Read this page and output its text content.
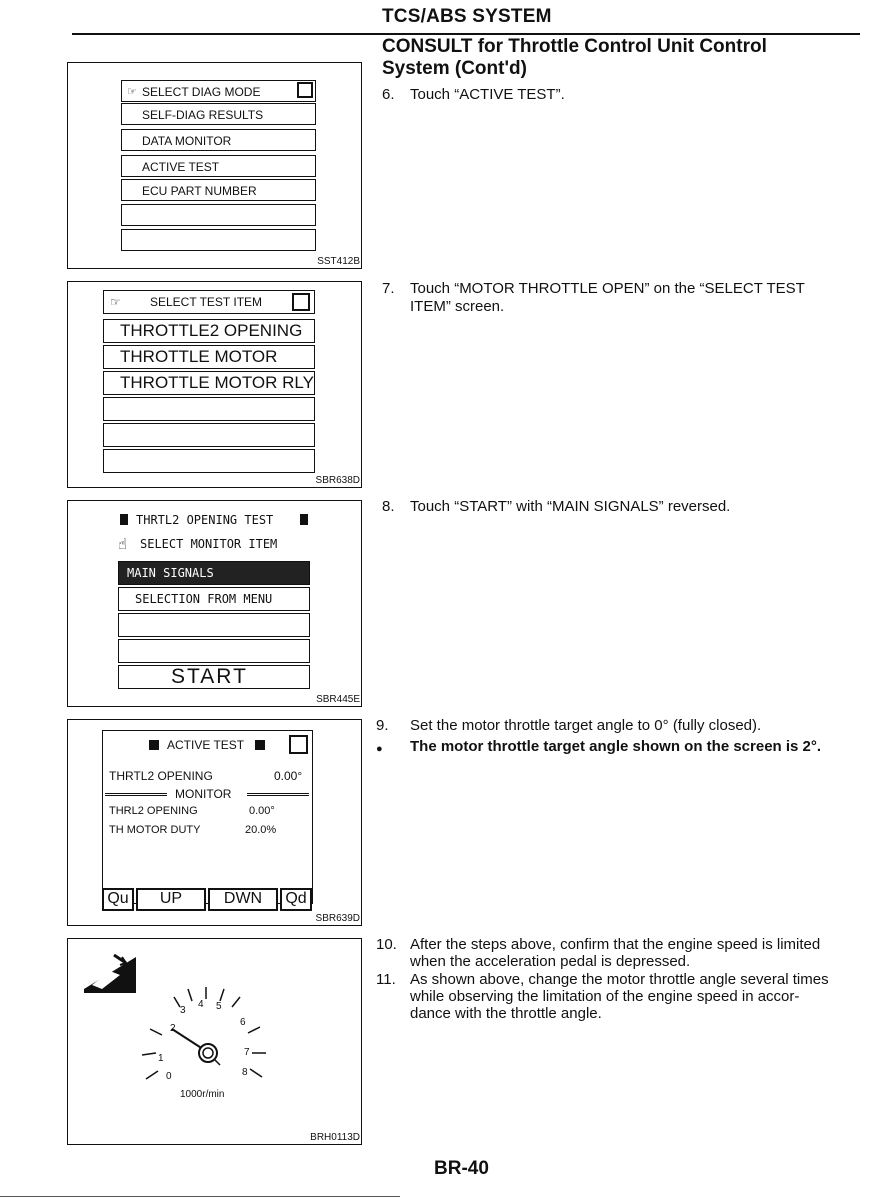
TCS/ABS SYSTEM
CONSULT for Throttle Control Unit Control
System (Cont'd)
6. Touch “ACTIVE TEST”.
7. Touch “MOTOR THROTTLE OPEN” on the “SELECT TEST
ITEM” screen.
8. Touch “START” with “MAIN SIGNALS” reversed.
9. Set the motor throttle target angle to 0° (fully closed).
● The motor throttle target angle shown on the screen is 2°.
10. After the steps above, confirm that the engine speed is limited
when the acceleration pedal is depressed.
11. As shown above, change the motor throttle angle several times
while observing the limitation of the engine speed in accor-
dance with the throttle angle.
☞ SELECT DIAG MODE
SELF-DIAG RESULTS
DATA MONITOR
ACTIVE TEST
ECU PART NUMBER
SST412B
☞ SELECT TEST ITEM
THROTTLE2 OPENING
THROTTLE MOTOR
THROTTLE MOTOR RLY
SBR638D
THRTL2 OPENING TEST
☝ SELECT MONITOR ITEM
MAIN SIGNALS
SELECTION FROM MENU
START
SBR445E
ACTIVE TEST
THRTL2 OPENING	0.00°
MONITOR
THRL2 OPENING	0.00°
TH MOTOR DUTY	20.0%
Qu	UP	DWN	Qd
SBR639D
0
1
2
3
4 5
6
7
8
1000r/min
BRH0113D
BR-40
